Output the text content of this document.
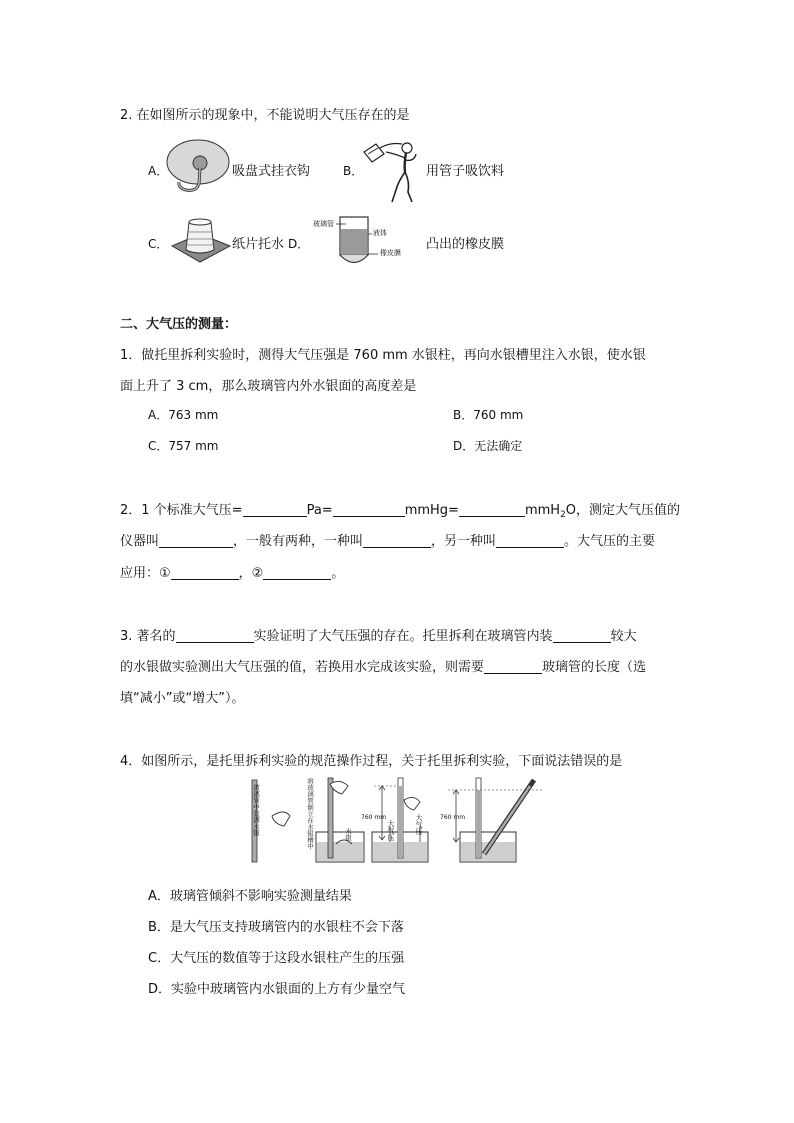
2. 在如图所示的现象中，不能说明大气压存在的是
A．	吸盘式挂衣钩	B．	用管子吸饮料
C．	纸片托水 D．
玻璃管
液体
橡皮膜
凸出的橡皮膜
二、大气压的测量：
1．做托里拆利实验时，测得大气压强是 760 mm 水银柱，再向水银槽里注入水银，使水银
面上升了 3 cm，那么玻璃管内外水银面的高度差是
A．763 mm	B．760 mm
C．757 mm	D．无法确定
2．1 个标准大气压=	Pa=	mmHg=	mmH$_2$O，测定大气压值的
仪器叫	，一般有两种，一种叫	，另一种叫	。大气压的主要
应用：①	，②	。
3. 著名的	实验证明了大气压强的存在。托里拆利在玻璃管内装	较大
的水银做实验测出大气压强的值，若换用水完成该实验，则需要	玻璃管的长度（选
填“减小”或“增大”）。
4．如图所示，是托里拆利实验的规范操作过程，关于托里拆利实验，下面说法错误的是
玻璃管中装满水银	将玻璃管倒立在水银槽中	水银
760 mm
大气压	大气压	760 mm
A．玻璃管倾斜不影响实验测量结果
B．是大气压支持玻璃管内的水银柱不会下落
C．大气压的数值等于这段水银柱产生的压强
D．实验中玻璃管内水银面的上方有少量空气
